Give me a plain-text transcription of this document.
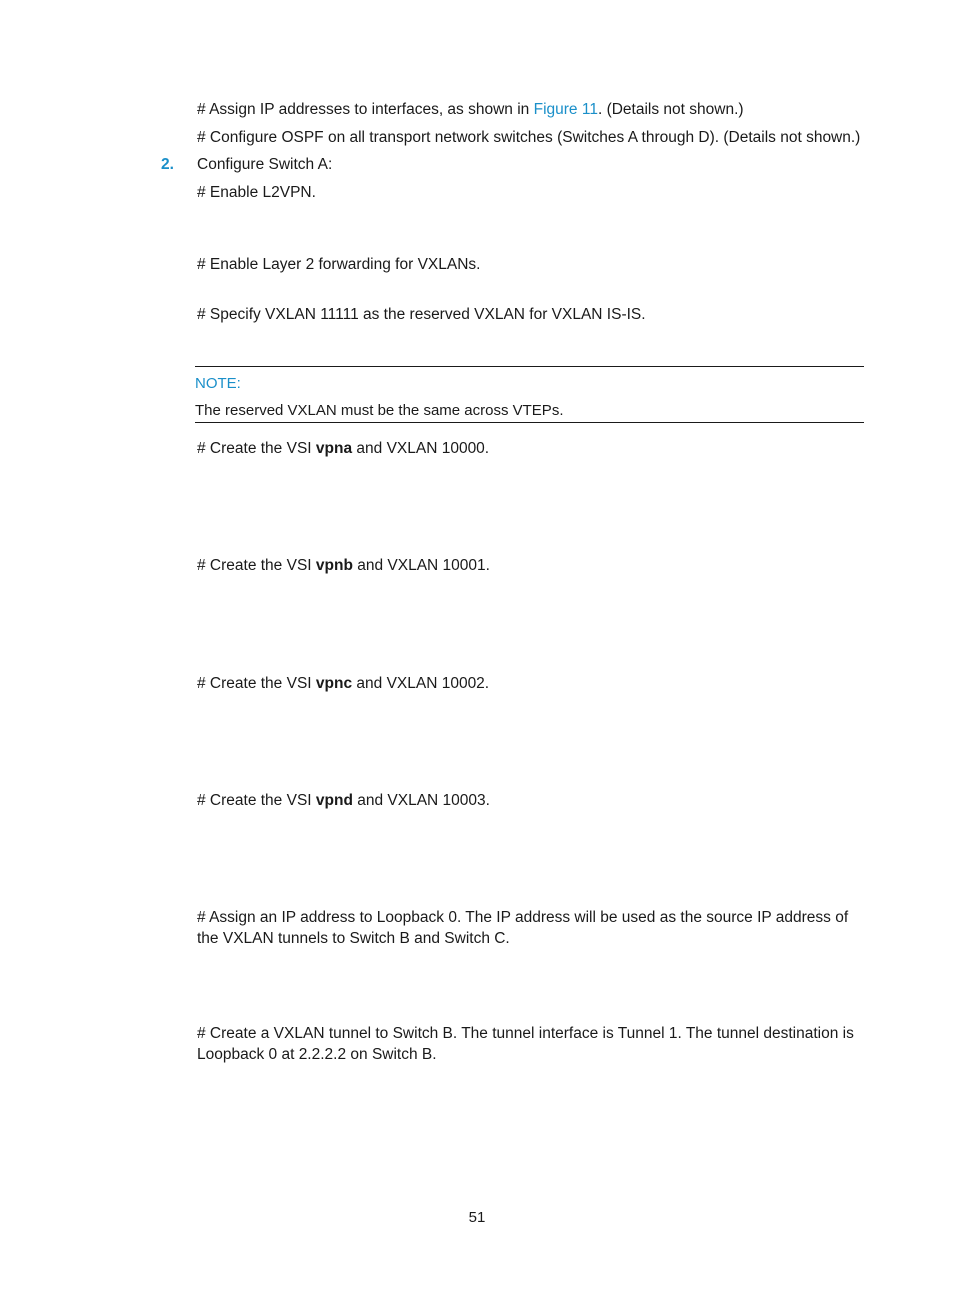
# Assign IP addresses to interfaces, as shown in Figure 11. (Details not shown.)
# Configure OSPF on all transport network switches (Switches A through D). (Details not shown.)
2. Configure Switch A:
# Enable L2VPN.
# Enable Layer 2 forwarding for VXLANs.
# Specify VXLAN 11111 as the reserved VXLAN for VXLAN IS-IS.
NOTE:
The reserved VXLAN must be the same across VTEPs.
# Create the VSI vpna and VXLAN 10000.
# Create the VSI vpnb and VXLAN 10001.
# Create the VSI vpnc and VXLAN 10002.
# Create the VSI vpnd and VXLAN 10003.
# Assign an IP address to Loopback 0. The IP address will be used as the source IP address of the VXLAN tunnels to Switch B and Switch C.
# Create a VXLAN tunnel to Switch B. The tunnel interface is Tunnel 1. The tunnel destination is Loopback 0 at 2.2.2.2 on Switch B.
51
